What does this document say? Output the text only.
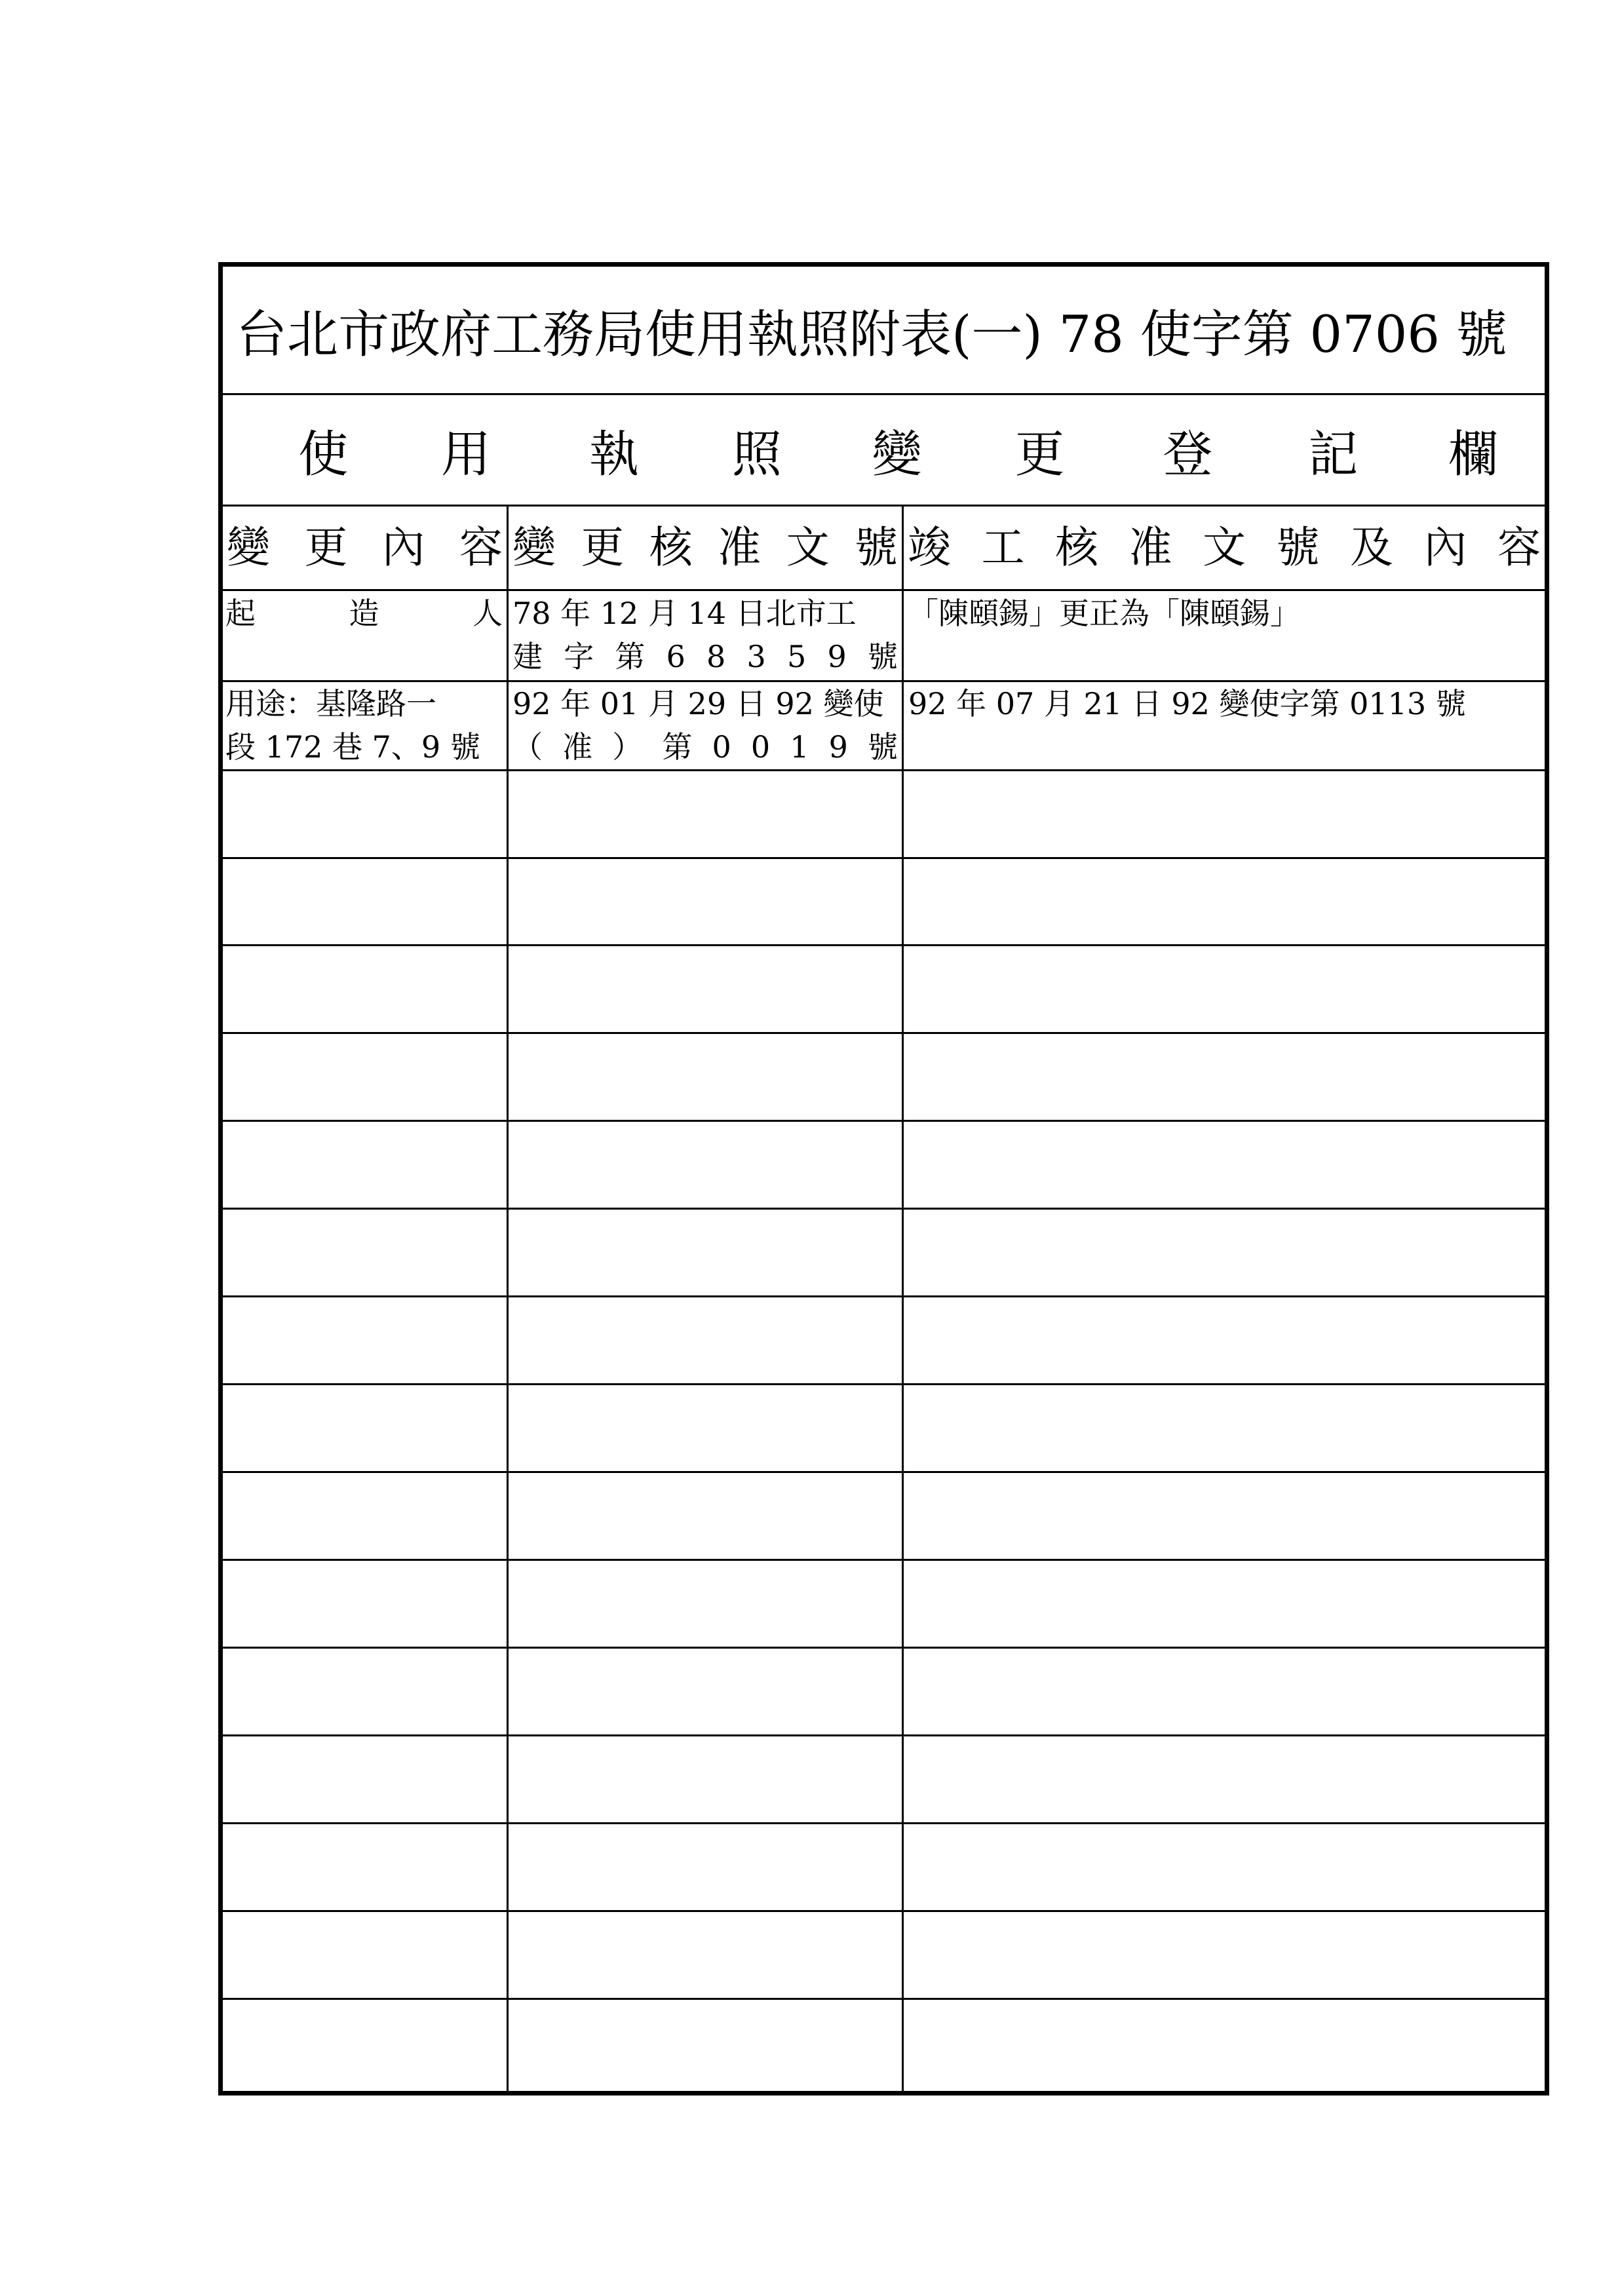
台北市政府工務局使用執照附表(一) 78 使字第 0706 號
使 用 執 照 變 更 登 記 欄
變 更 內 容 變 更 核 准 文 號 竣 工 核 准 文 號 及 內 容
起	造	人 78 年 12 月 14 日北市工
建 字 第 6 8 3 5 9 號
「陳頤錫」更正為「陳頤錫」
用途：基隆路一
段 172 巷 7、9 號
92 年 01 月 29 日 92 變使
（ 准 ） 第 0 0 1 9 號
92 年 07 月 21 日 92 變使字第 0113 號
